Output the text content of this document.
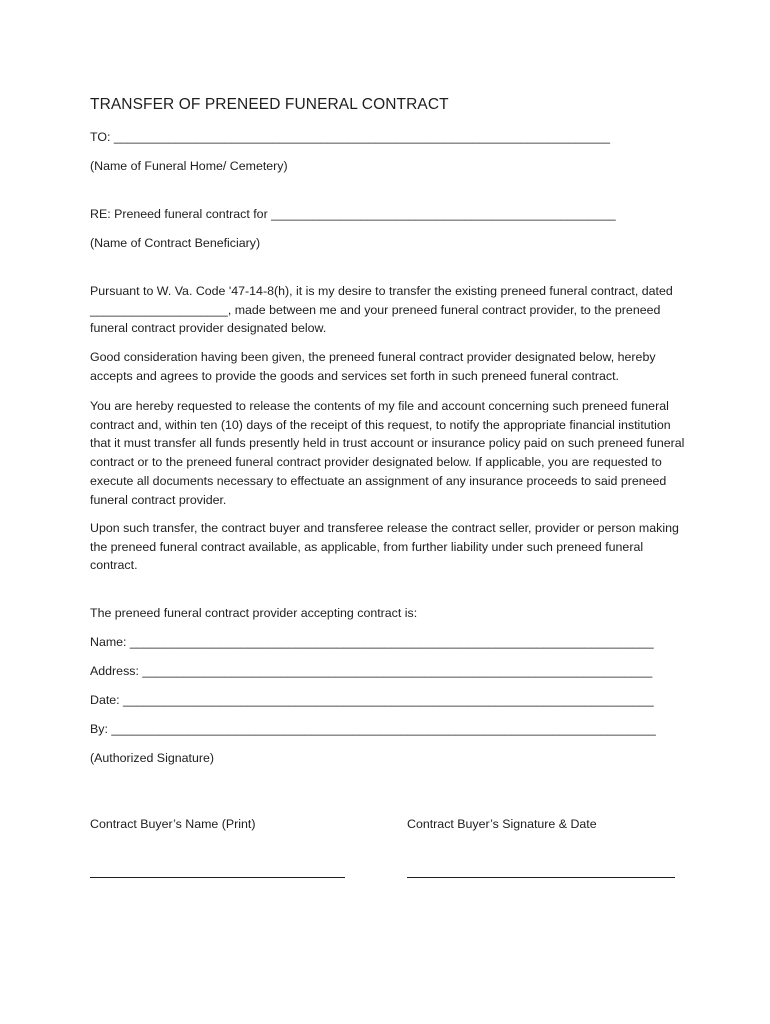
TRANSFER OF PRENEED FUNERAL CONTRACT
TO: ________________________________________________________________________
(Name of Funeral Home/ Cemetery)
RE: Preneed funeral contract for __________________________________________________
(Name of Contract Beneficiary)
Pursuant to W. Va. Code '47-14-8(h), it is my desire to transfer the existing preneed funeral contract, dated ____________________, made between me and your preneed funeral contract provider, to the preneed funeral contract provider designated below.
Good consideration having been given, the preneed funeral contract provider designated below, hereby accepts and agrees to provide the goods and services set forth in such preneed funeral contract.
You are hereby requested to release the contents of my file and account concerning such preneed funeral contract and, within ten (10) days of the receipt of this request, to notify the appropriate financial institution that it must transfer all funds presently held in trust account or insurance policy paid on such preneed funeral contract or to the preneed funeral contract provider designated below. If applicable, you are requested to execute all documents necessary to effectuate an assignment of any insurance proceeds to said preneed funeral contract provider.
Upon such transfer, the contract buyer and transferee release the contract seller, provider or person making the preneed funeral contract available, as applicable, from further liability under such preneed funeral contract.
The preneed funeral contract provider accepting contract is:
Name: ____________________________________________________________________________
Address: __________________________________________________________________________
Date: _____________________________________________________________________________
By: _______________________________________________________________________________
(Authorized Signature)
Contract Buyer’s Name (Print)	Contract Buyer’s Signature & Date
